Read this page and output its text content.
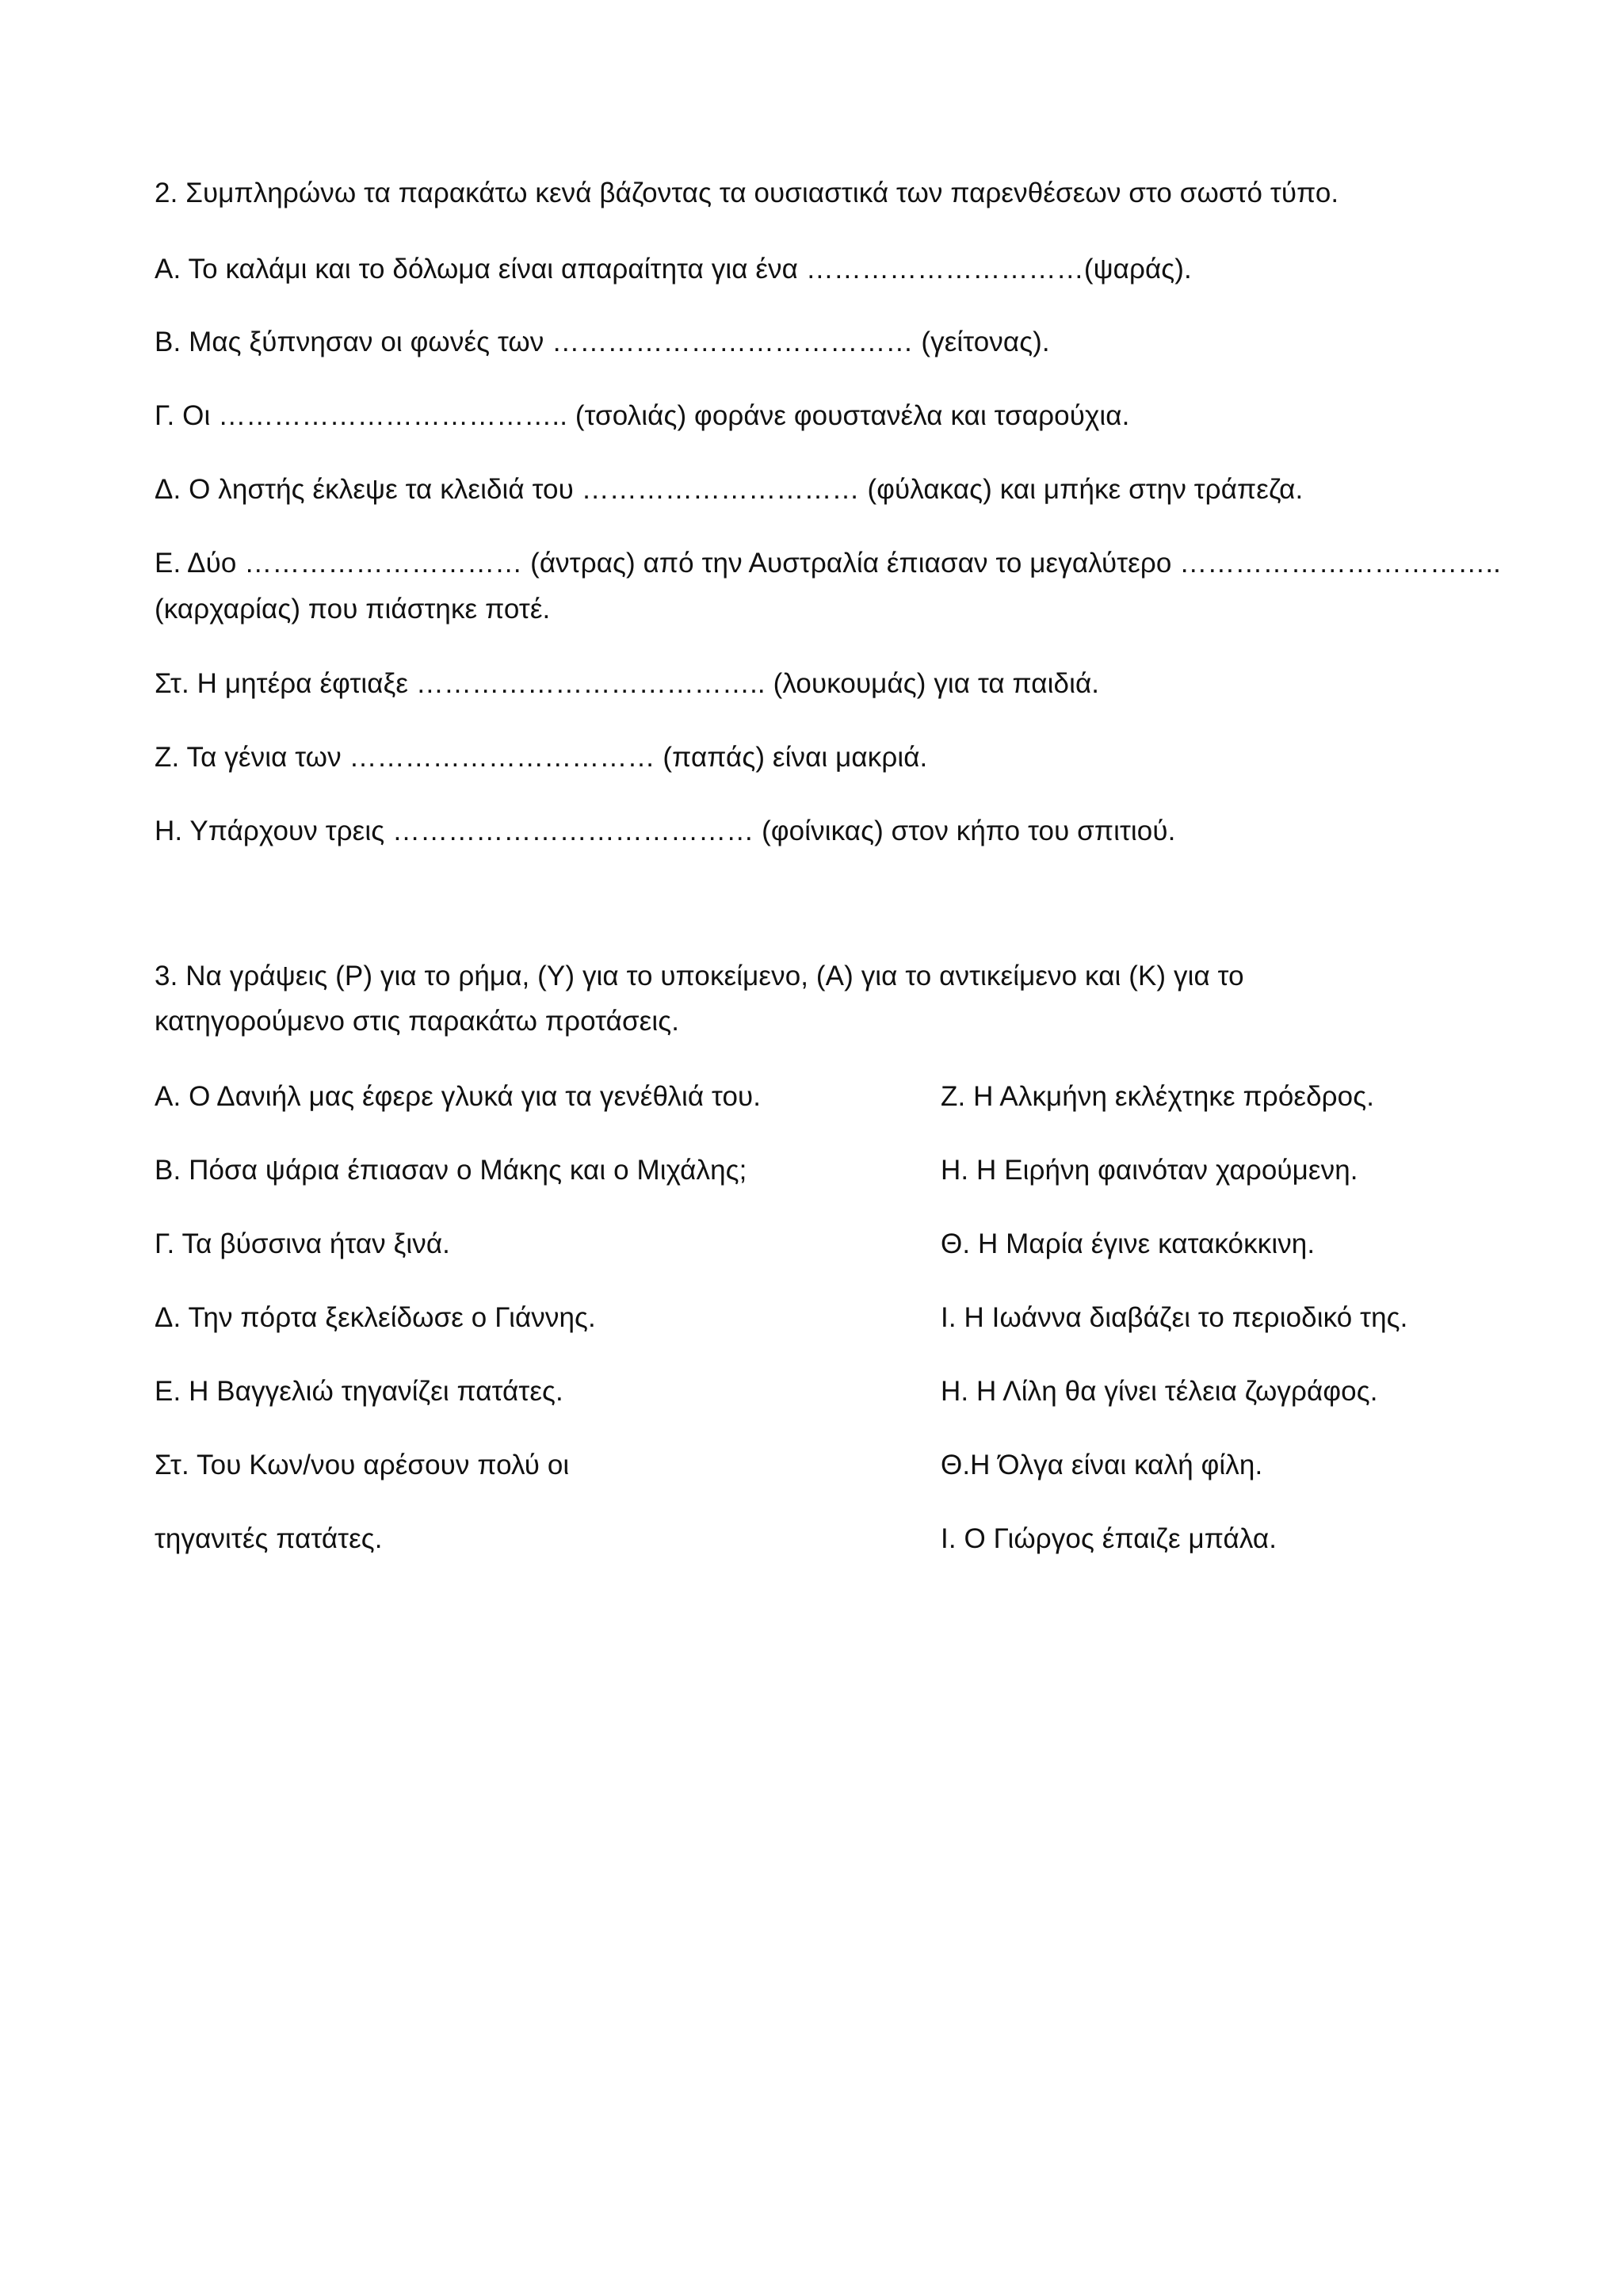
2. Συμπληρώνω τα παρακάτω κενά βάζοντας τα ουσιαστικά των παρενθέσεων στο σωστό τύπο.
Α. Το καλάμι και το δόλωμα είναι απαραίτητα για ένα …………………………(ψαράς).
Β. Μας ξύπνησαν οι φωνές των ………………………………… (γείτονας).
Γ. Οι ……………………………….. (τσολιάς) φοράνε φουστανέλα και τσαρούχια.
Δ. Ο ληστής έκλεψε τα κλειδιά του ………………………… (φύλακας) και μπήκε στην τράπεζα.
Ε. Δύο ………………………… (άντρας) από την Αυστραλία έπιασαν το μεγαλύτερο ……………………………..
(καρχαρίας) που πιάστηκε ποτέ.
Στ. Η μητέρα έφτιαξε ……………………………….. (λουκουμάς) για τα παιδιά.
Ζ. Τα γένια των …………………………… (παπάς) είναι μακριά.
Η. Υπάρχουν τρεις ………………………………… (φοίνικας) στον κήπο του σπιτιού.
3. Να γράψεις (Ρ) για το ρήμα, (Υ) για το υποκείμενο, (Α) για το αντικείμενο και (Κ) για το
κατηγορούμενο στις παρακάτω προτάσεις.
Α. Ο Δανιήλ μας έφερε γλυκά για τα γενέθλιά του.
Β. Πόσα ψάρια έπιασαν ο Μάκης και ο Μιχάλης;
Γ. Τα βύσσινα ήταν ξινά.
Δ. Την πόρτα ξεκλείδωσε ο Γιάννης.
Ε. Η Βαγγελιώ τηγανίζει πατάτες.
Στ. Του Κων/νου αρέσουν πολύ οι
τηγανιτές πατάτες.
Ζ. Η Αλκμήνη εκλέχτηκε πρόεδρος.
Η. Η Ειρήνη φαινόταν χαρούμενη.
Θ. Η Μαρία έγινε κατακόκκινη.
Ι. Η Ιωάννα διαβάζει το περιοδικό της.
Η. Η Λίλη θα γίνει τέλεια ζωγράφος.
Θ.Η Όλγα είναι καλή φίλη.
Ι. Ο Γιώργος έπαιζε μπάλα.
